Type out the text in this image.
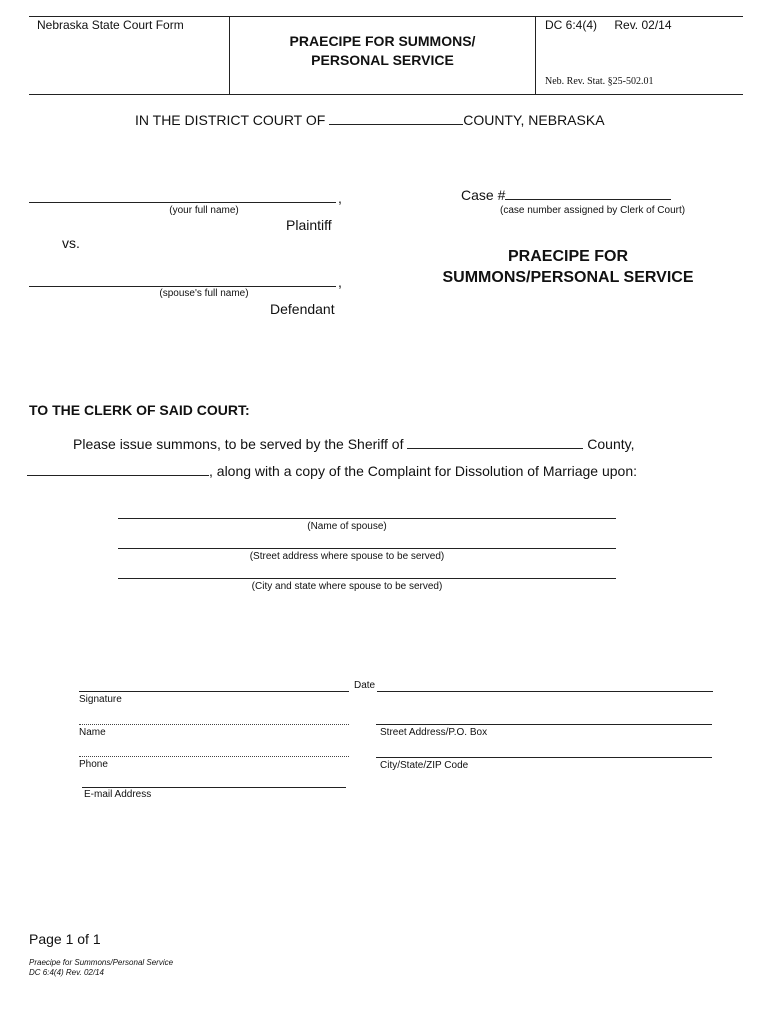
Nebraska State Court Form
PRAECIPE FOR SUMMONS/
PERSONAL SERVICE
DC 6:4(4) Rev. 02/14
Neb. Rev. Stat. §25-502.01
IN THE DISTRICT COURT OF	COUNTY, NEBRASKA
,
(your full name)
Plaintiff
vs.
,
(spouse's full name)
Defendant
Case #
(case number assigned by Clerk of Court)
PRAECIPE FOR
SUMMONS/PERSONAL SERVICE
TO THE CLERK OF SAID COURT:
Please issue summons, to be served by the Sheriff of	County,
, along with a copy of the Complaint for Dissolution of Marriage upon:
(Name of spouse)
(Street address where spouse to be served)
(City and state where spouse to be served)
Signature
Date
Name	Street Address/P.O. Box
Phone	City/State/ZIP Code
E-mail Address
Page 1 of 1
Praecipe for Summons/Personal Service
DC 6:4(4) Rev. 02/14
